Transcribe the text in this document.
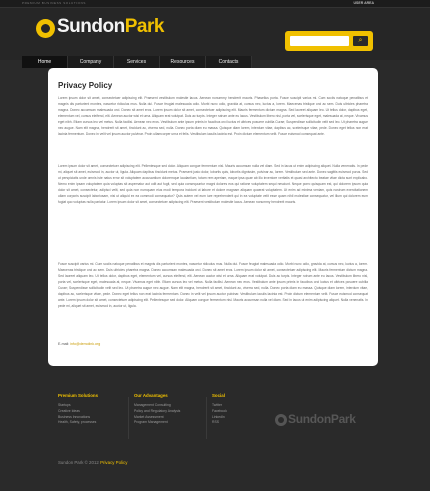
PREMIUM BUSINESS SOLUTIONS	USER AREA
SundonPark
⌕
Home	Company	Services	Resources	Contacts
Privacy Policy

Lorem ipsum dolor sit amet, consectetuer adipiscing elit. Praesent vestibulum molestie lacus. Aenean nonummy hendrerit mauris. Phasellus porta. Fusce suscipit varius mi. Cum sociis natoque penatibus et magnis dis parturient montes, nascetur ridiculus mus. Nulla dui. Fusce feugiat malesuada odio. Morbi nunc odio, gravida at, cursus nec, luctus a, lorem. Maecenas tristique orci ac sem. Duis ultricies pharetra magna. Donec accumsan malesuada orci. Donec sit amet eros. Lorem ipsum dolor sit amet, consectetuer adipiscing elit. Mauris fermentum dictum magna. Sed laoreet aliquam leo. Ut tellus dolor, dapibus eget, elementum vel, cursus eleifend, elit. Aenean auctor wisi et urna. Aliquam erat volutpat. Duis ac turpis. Integer rutrum ante eu lacus. Vestibulum libero nisl, porta vel, scelerisque eget, malesuada at, neque. Vivamus eget nibh. Etiam cursus leo vel metus. Nulla facilisi. Aenean nec eros. Vestibulum ante ipsum primis in faucibus orci luctus et ultrices posuere cubilia Curae; Suspendisse sollicitudin velit sed leo. Ut pharetra augue nec augue. Nam elit magna, hendrerit sit amet, tincidunt ac, viverra sed, nulla. Donec porta diam eu massa. Quisque diam lorem, interdum vitae, dapibus ac, scelerisque vitae, pede. Donec eget tellus non erat lacinia fermentum. Donec in velit vel ipsum auctor pulvinar. Proin ullamcorper urna et felis. Vestibulum iaculis lacinia est. Proin dictum elementum velit. Fusce euismod consequat ante.

Lorem ipsum dolor sit amet, consectetuer adipiscing elit. Pellentesque sed dolor. Aliquam congue fermentum nisl. Mauris accumsan nulla vel diam. Sed in lacus ut enim adipiscing aliquet. Nulla venenatis. In pede mi, aliquet sit amet, euismod in, auctor ut, ligula. Aliquam dapibus tincidunt metus. Praesent justo dolor, lobortis quis, lobortis dignissim, pulvinar ac, lorem. Vestibulum sed ante. Donec sagittis euismod purus. Sed ut perspiciatis unde omnis iste natus error sit voluptatem accusantium doloremque laudantium, totam rem aperiam, eaque ipsa quae ab illo inventore veritatis et quasi architecto beatae vitae dicta sunt explicabo. Nemo enim ipsam voluptatem quia voluptas sit aspernatur aut odit aut fugit, sed quia consequuntur magni dolores eos qui ratione voluptatem sequi nesciunt. Neque porro quisquam est, qui dolorem ipsum quia dolor sit amet, consectetur, adipisci velit, sed quia non numquam eius modi tempora incidunt ut labore et dolore magnam aliquam quaerat voluptatem. Ut enim ad minima veniam, quis nostrum exercitationem ullam corporis suscipit laboriosam, nisi ut aliquid ex ea commodi consequatur? Quis autem vel eum iure reprehenderit qui in ea voluptate velit esse quam nihil molestiae consequatur, vel illum qui dolorem eum fugiat quo voluptas nulla pariatur. Lorem ipsum dolor sit amet, consectetuer adipiscing elit. Praesent vestibulum molestie lacus. Aenean nonummy hendrerit mauris.

Fusce suscipit varius mi. Cum sociis natoque penatibus et magnis dis parturient montes, nascetur ridiculus mus. Nulla dui. Fusce feugiat malesuada odio. Morbi nunc odio, gravida at, cursus nec, luctus a, lorem. Maecenas tristique orci ac sem. Duis ultricies pharetra magna. Donec accumsan malesuada orci. Donec sit amet eros. Lorem ipsum dolor sit amet, consectetuer adipiscing elit. Mauris fermentum dictum magna. Sed laoreet aliquam leo. Ut tellus dolor, dapibus eget, elementum vel, cursus eleifend, elit. Aenean auctor wisi et urna. Aliquam erat volutpat. Duis ac turpis. Integer rutrum ante eu lacus. Vestibulum libero nisl, porta vel, scelerisque eget, malesuada at, neque. Vivamus eget nibh. Etiam cursus leo vel metus. Nulla facilisi. Aenean nec eros. Vestibulum ante ipsum primis in faucibus orci luctus et ultrices posuere cubilia Curae; Suspendisse sollicitudin velit sed leo. Ut pharetra augue nec augue. Nam elit magna, hendrerit sit amet, tincidunt ac, viverra sed, nulla. Donec porta diam eu massa. Quisque diam lorem, interdum vitae, dapibus ac, scelerisque vitae, pede. Donec eget tellus non erat lacinia fermentum. Donec in velit vel ipsum auctor pulvinar. Vestibulum iaculis lacinia est. Proin dictum elementum velit. Fusce euismod consequat ante. Lorem ipsum dolor sit amet, consectetuer adipiscing elit. Pellentesque sed dolor. Aliquam congue fermentum nisl. Mauris accumsan nulla vel diam. Sed in lacus ut enim adipiscing aliquet. Nulla venenatis. In pede mi, aliquet sit amet, euismod in, auctor ut, ligula.

E-mail: info@demolink.org
Premium Solutions
Startups
Creative Ideas
Business Innovations
Health, Safety, processes
Our Advantages
Management Consulting
Policy and Regulatory Analysis
Market Assessment
Program Management
Social
Twitter
Facebook
LinkedIn
RSS	SundonPark
Sundon Park © 2012 Privacy Policy
